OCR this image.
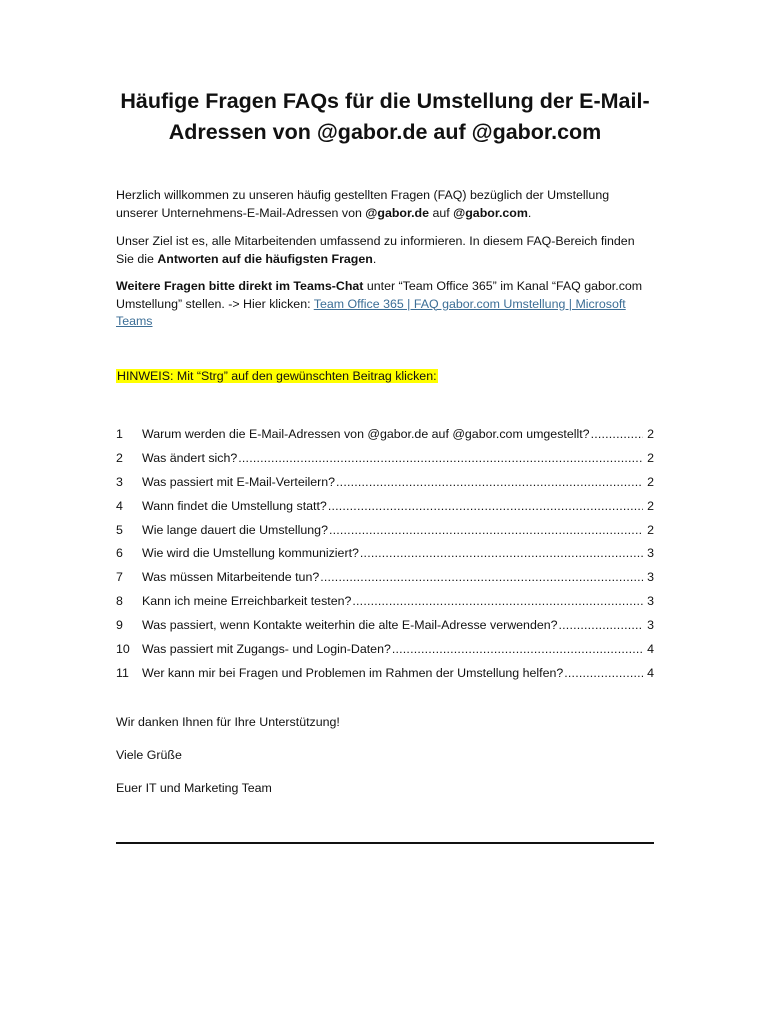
Häufige Fragen FAQs für die Umstellung der E-Mail-Adressen von @gabor.de auf @gabor.com

Herzlich willkommen zu unseren häufig gestellten Fragen (FAQ) bezüglich der Umstellung unserer Unternehmens-E-Mail-Adressen von @gabor.de auf @gabor.com.

Unser Ziel ist es, alle Mitarbeitenden umfassend zu informieren. In diesem FAQ-Bereich finden Sie die Antworten auf die häufigsten Fragen.

Weitere Fragen bitte direkt im Teams-Chat unter “Team Office 365” im Kanal “FAQ gabor.com Umstellung” stellen. -> Hier klicken: Team Office 365 | FAQ gabor.com Umstellung | Microsoft Teams

HINWEIS: Mit “Strg” auf den gewünschten Beitrag klicken:
1	Warum werden die E-Mail-Adressen von @gabor.de auf @gabor.com umgestellt? .....	2
2	Was ändert sich? .....	2
3	Was passiert mit E-Mail-Verteilern? .....	2
4	Wann findet die Umstellung statt? .....	2
5	Wie lange dauert die Umstellung? .....	2
6	Wie wird die Umstellung kommuniziert? .....	3
7	Was müssen Mitarbeitende tun? .....	3
8	Kann ich meine Erreichbarkeit testen? .....	3
9	Was passiert, wenn Kontakte weiterhin die alte E-Mail-Adresse verwenden? .....	3
10 Was passiert mit Zugangs- und Login-Daten? .....	4
11	Wer kann mir bei Fragen und Problemen im Rahmen der Umstellung helfen? .....	4

Wir danken Ihnen für Ihre Unterstützung!

Viele Grüße

Euer IT und Marketing Team
